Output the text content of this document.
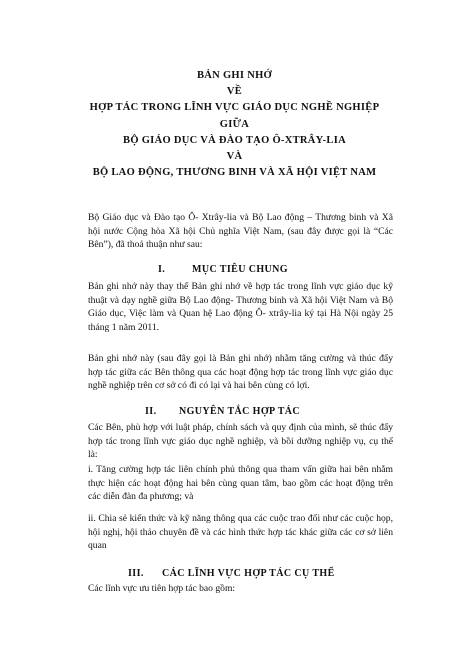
BẢN GHI NHỚ
VỀ
HỢP TÁC TRONG LĨNH VỰC GIÁO DỤC NGHỀ NGHIỆP
GIỮA
BỘ GIÁO DỤC VÀ ĐÀO TẠO Ô-XTRÂY-LIA
VÀ
BỘ LAO ĐỘNG, THƯƠNG BINH VÀ XÃ HỘI VIỆT NAM
Bộ Giáo dục và Đào tạo Ô- Xtrây-lia và Bộ Lao động – Thương binh và Xã hội nước Cộng hòa Xã hội Chủ nghĩa Việt Nam, (sau đây được gọi là “Các Bên”), đã thoả thuận như sau:
I.	MỤC TIÊU CHUNG
Bản ghi nhớ này thay thế Bản ghi nhớ về hợp tác trong lĩnh vực giáo dục kỹ thuật và dạy nghề giữa Bộ Lao động- Thương binh và Xã hội Việt Nam và Bộ Giáo dục, Việc làm và Quan hệ Lao động Ô- xtrây-lia ký tại Hà Nội ngày 25 tháng 1 năm 2011.
Bản ghi nhớ này (sau đây gọi là Bản ghi nhớ) nhằm tăng cường và thúc đẩy hợp tác giữa các Bên thông qua các hoạt động hợp tác trong lĩnh vực giáo dục nghề nghiệp trên cơ sở có đi có lại và hai bên cùng có lợi.
II. NGUYÊN TẮC HỢP TÁC
Các Bên, phù hợp với luật pháp, chính sách và quy định của mình, sẽ thúc đẩy hợp tác trong lĩnh vực giáo dục nghề nghiệp, và bồi dưỡng nghiệp vụ, cụ thể là:
i. Tăng cường hợp tác liên chính phủ thông qua tham vấn giữa hai bên nhằm thực hiện các hoạt động hai bên cùng quan tâm, bao gồm các hoạt động trên các diễn đàn đa phương; và
ii. Chia sẻ kiến thức và kỹ năng thông qua các cuộc trao đổi như các cuộc họp, hội nghị, hội thảo chuyên đề và các hình thức hợp tác khác giữa các cơ sở liên quan
III. CÁC LĨNH VỰC HỢP TÁC CỤ THỂ
Các lĩnh vực ưu tiên hợp tác bao gồm:
